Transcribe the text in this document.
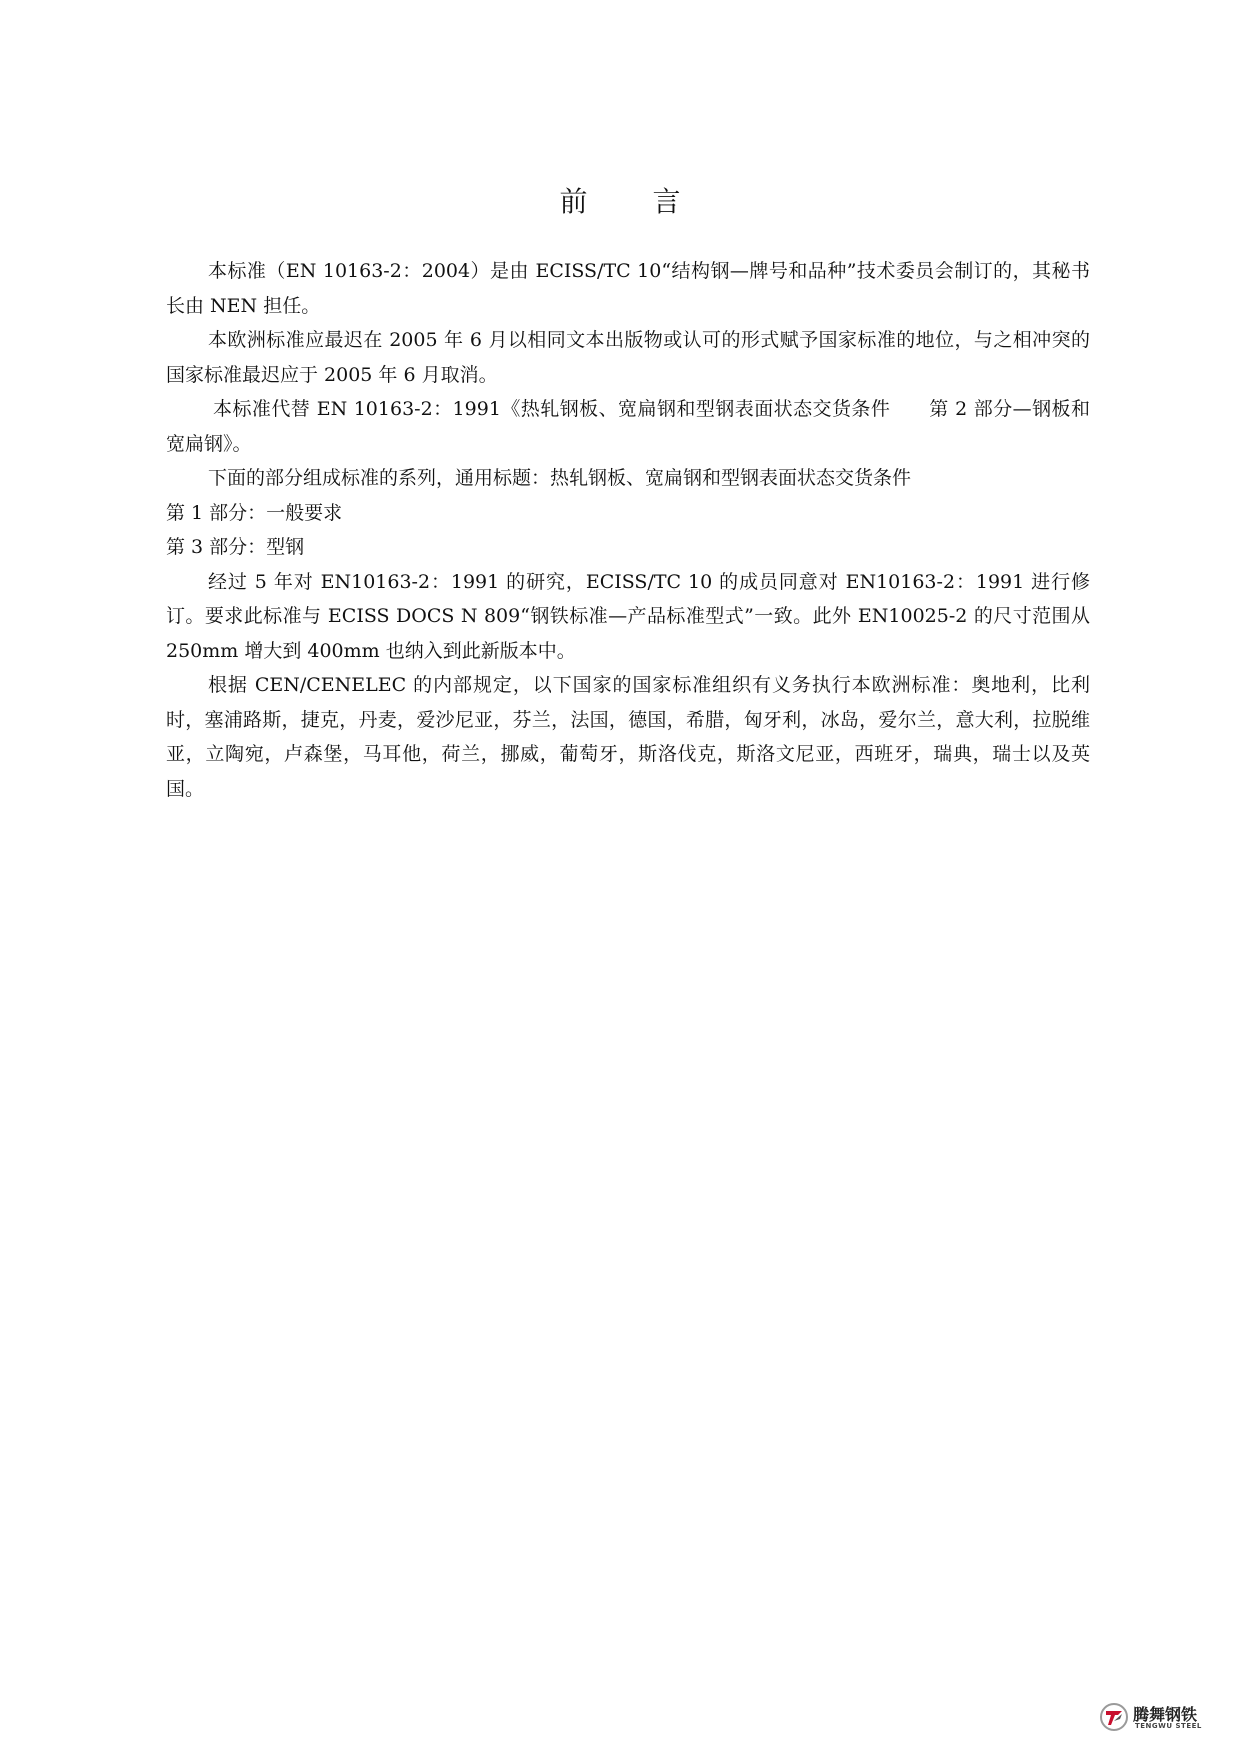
前 言

本标准（EN 10163-2：2004）是由 ECISS/TC 10“结构钢—牌号和品种”技术委员会制订的，其秘书长由 NEN 担任。

本欧洲标准应最迟在 2005 年 6 月以相同文本出版物或认可的形式赋予国家标准的地位，与之相冲突的国家标准最迟应于 2005 年 6 月取消。

本标准代替 EN 10163-2：1991《热轧钢板、宽扁钢和型钢表面状态交货条件　　第 2 部分—钢板和宽扁钢》。

下面的部分组成标准的系列，通用标题：热轧钢板、宽扁钢和型钢表面状态交货条件

第 1 部分：一般要求

第 3 部分：型钢

经过 5 年对 EN10163-2：1991 的研究，ECISS/TC 10 的成员同意对 EN10163-2：1991 进行修订。要求此标准与 ECISS DOCS N 809“钢铁标准—产品标准型式”一致。此外 EN10025-2 的尺寸范围从 250mm 增大到 400mm 也纳入到此新版本中。

根据 CEN/CENELEC 的内部规定，以下国家的国家标准组织有义务执行本欧洲标准：奥地利，比利时，塞浦路斯，捷克，丹麦，爱沙尼亚，芬兰，法国，德国，希腊，匈牙利，冰岛，爱尔兰，意大利，拉脱维亚，立陶宛，卢森堡，马耳他，荷兰，挪威，葡萄牙，斯洛伐克，斯洛文尼亚，西班牙，瑞典，瑞士以及英国。

腾舞钢铁
TENGWU STEEL
